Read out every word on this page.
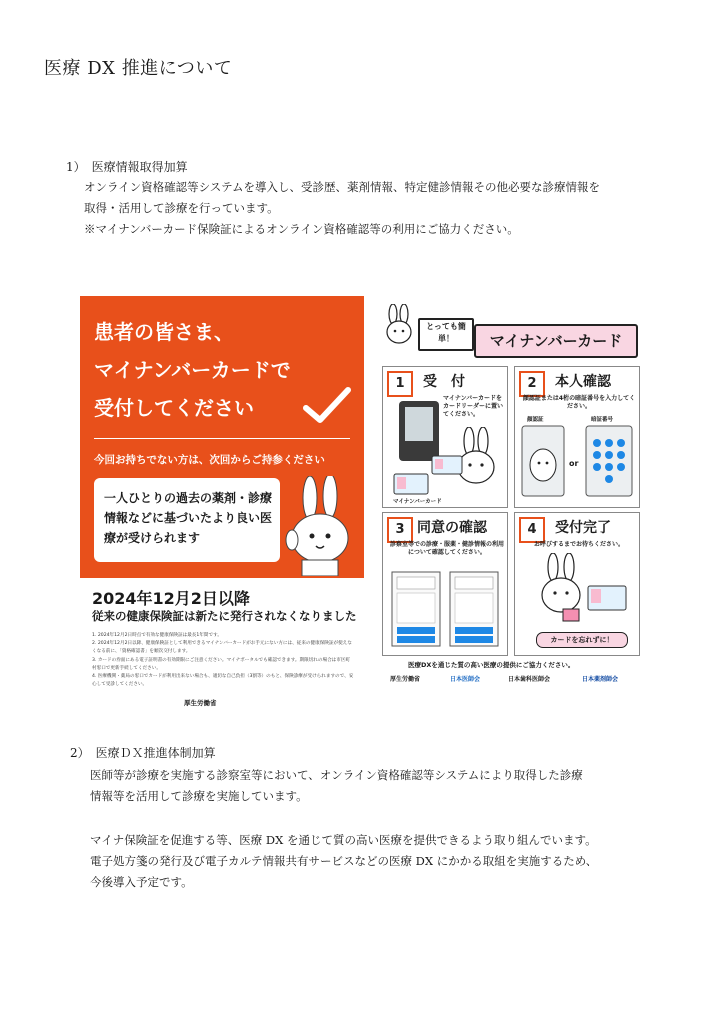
医療 DX 推進について
1）　医療情報取得加算
オンライン資格確認等システムを導入し、受診歴、薬剤情報、特定健診情報その他必要な診療情報を
取得・活用して診療を行っています。
※マイナンバーカード保険証によるオンライン資格確認等の利用にご協力ください。
患者の皆さま、
マイナンバーカードで
受付してください
今回お持ちでない方は、次回からご持参ください
一人ひとりの過去の薬剤・診療情報などに基づいたより良い医療が受けられます
2024年12月2日以降
従来の健康保険証は新たに発行されなくなりました
1. 2024年12月2日時点で有効な健康保険証は最長1年間です。
2. 2024年12月2日以降、健康保険証として利用できるマイナンバーカードがお手元にない方には、従来の健康保険証が使えなくなる前に、「資格確認書」を順次交付します。
3. カードの券面にある電子証明書の有効期限にご注意ください。マイナポータルでも確認できます。期限切れの場合は市区町村窓口で更新手続してください。
4. 医療機関・薬局の窓口でカードが利用出来ない場合も、適切な自己負担（3割等）のもと、保険診療が受けられますので、安心して受診してください。
厚生労働省
とっても簡単！	マイナンバーカード
1	受　付
マイナンバーカードをカードリーダーに置いてください。
マイナンバーカード
2	本人確認
顔認証または4桁の暗証番号を入力してください。
顔認証	暗証番号
or
3 同意の確認
診察室等での診療・服薬・健診情報の利用について確認してください。
4	受付完了
お呼びするまでお待ちください。
カードを忘れずに！
医療DXを通じた質の高い医療の提供にご協力ください。
厚生労働省	日本医師会	日本歯科医師会	日本薬剤師会
2）　医療ＤＸ推進体制加算
医師等が診療を実施する診察室等において、オンライン資格確認等システムにより取得した診療
情報等を活用して診療を実施しています。
マイナ保険証を促進する等、医療 DX を通じて質の高い医療を提供できるよう取り組んでいます。
電子処方箋の発行及び電子カルテ情報共有サービスなどの医療 DX にかかる取組を実施するため、
今後導入予定です。
